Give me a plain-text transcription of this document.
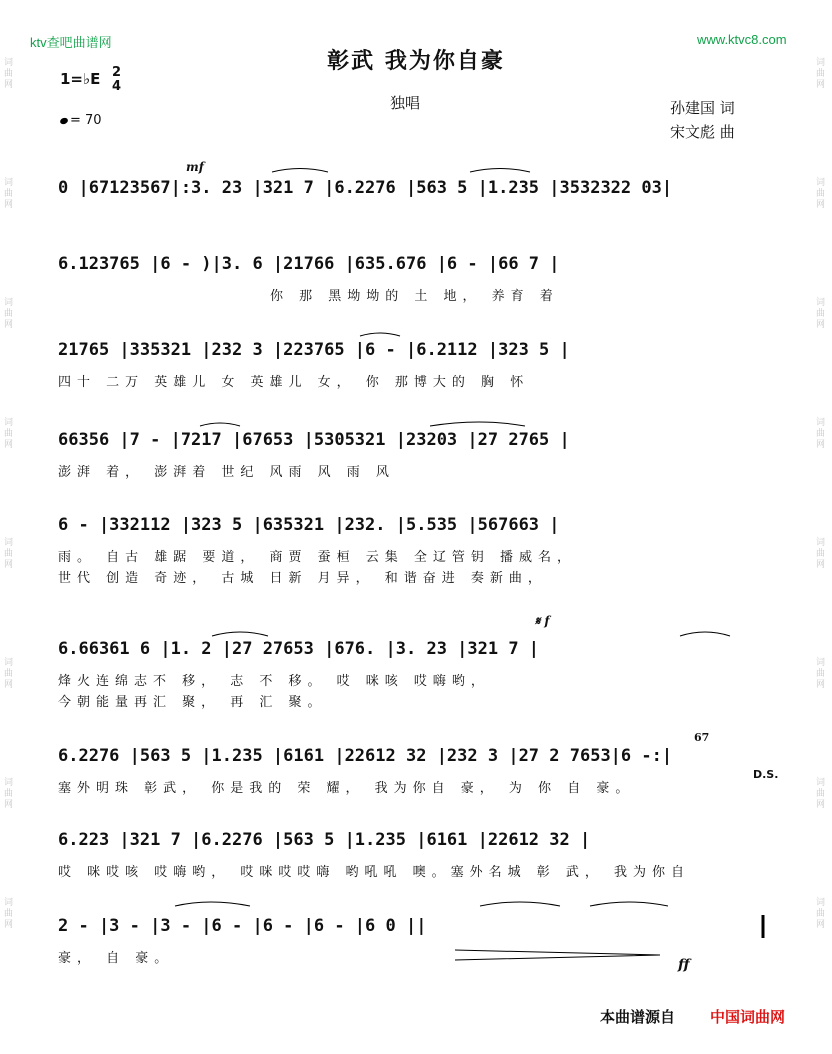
词
曲
网
词
曲
网
词
曲
网
词
曲
网
词
曲
网
词
曲
网
词
曲
网
词
曲
网
词
曲
网
词
曲
网
词
曲
网
词
曲
网
词
曲
网
词
曲
网
词
曲
网
词
曲
网
ktv查吧曲谱网	www.ktvc8.com
彰武 我为你自豪
1=♭E 2
4
= 70
独唱	孙建国 词
宋文彪 曲
mf
𝄋 f
ff
0 |67123567|:3. 23 |321 7 |6.2276 |563 5 |1.235 |3532322 03|
6.123765 |6 - )|3. 6 |21766 |635.676 |6 - |66 7 |
你 那 黑坳坳的 土 地， 养育 着
21765 |335321 |232 3 |223765 |6 - |6.2112 |323 5 |
四十 二万 英雄儿 女 英雄儿 女， 你 那博大的 胸 怀
66356 |7 - |7217 |67653 |5305321 |23203 |27 2765 |
澎湃 着， 澎湃着 世纪 风雨 风 雨 风
6 - |332112 |323 5 |635321 |232. |5.535 |567663 |
雨。 自古 雄踞 要道， 商贾 蚕桓 云集 全辽管钥 播威名，
世代 创造 奇迹， 古城 日新 月异， 和谐奋进 奏新曲，
6.66361 6 |1. 2 |27 27653 |676. |3. 23 |321 7 |
烽火连绵志不 移， 志 不 移。 哎 咪咳 哎嗨哟，
今朝能量再汇 聚， 再 汇 聚。
6.2276 |563 5 |1.235 |6161 |22612 32 |232 3 |27 2 7653|6 -:|
塞外明珠 彰武， 你是我的 荣 耀， 我为你自 豪， 为 你 自 豪。
D.S.
67
6.223 |321 7 |6.2276 |563 5 |1.235 |6161 |22612 32 |
哎 咪哎咳 哎嗨哟， 哎咪哎哎嗨 哟吼吼 噢。塞外名城 彰 武， 我为你自
2 - |3 - |3 - |6 - |6 - |6 - |6 0 ||
豪， 自 豪。
本曲谱源自 中国词曲网
